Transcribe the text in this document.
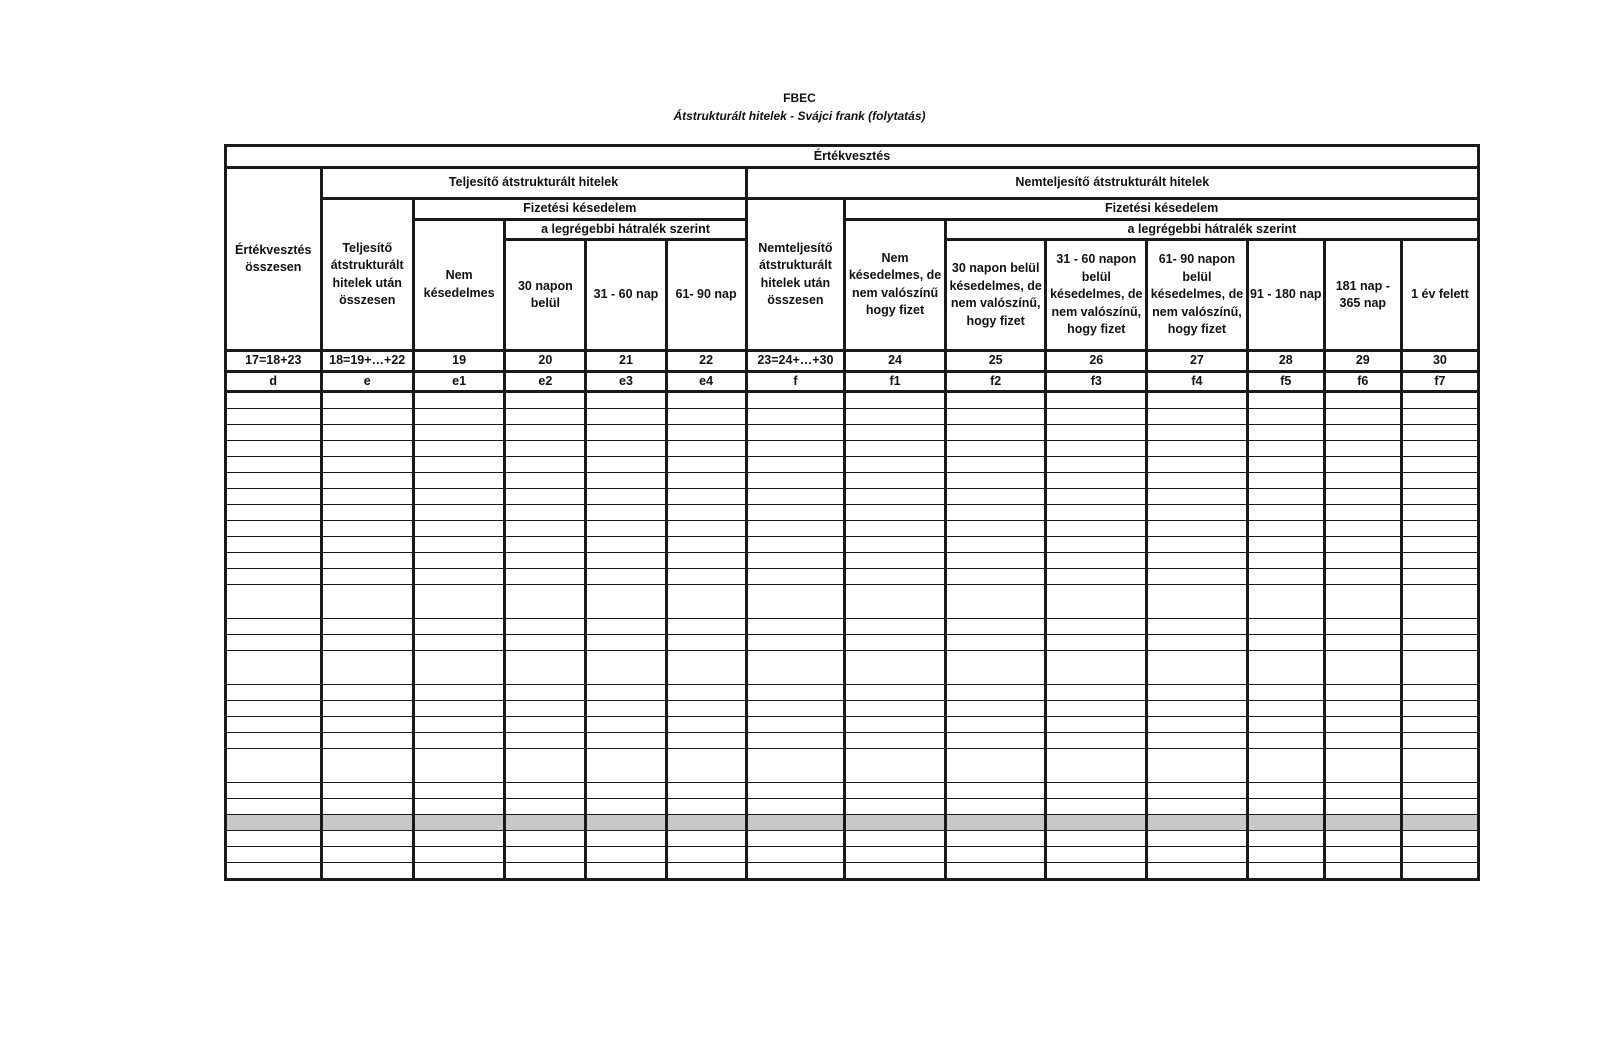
FBEC
Átstrukturált hitelek - Svájci frank (folytatás)
Értékvesztés													
Értékvesztés összesen	Teljesítő átstrukturált hitelek					Nemteljesítő átstrukturált hitelek							
	Teljesítő átstrukturált hitelek után összesen	Fizetési késedelem				Nemteljesítő átstrukturált hitelek után összesen	Fizetési késedelem						
		Nem késedelmes	a legrégebbi hátralék szerint				Nem késedelmes, de nem valószínű hogy fizet	a legrégebbi hátralék szerint					
			30 napon belül	31 - 60 nap	61- 90 nap			30 napon belül késedelmes, de nem valószínű, hogy fizet	31 - 60 napon belül késedelmes, de nem valószínű, hogy fizet	61- 90 napon belül késedelmes, de nem valószínű, hogy fizet	91 - 180 nap	181 nap - 365 nap	1 év felett
17=18+23	18=19+…+22	19	20	21	22	23=24+…+30	24	25	26	27	28	29	30
d	e	e1	e2	e3	e4	f	f1	f2	f3	f4	f5	f6	f7
